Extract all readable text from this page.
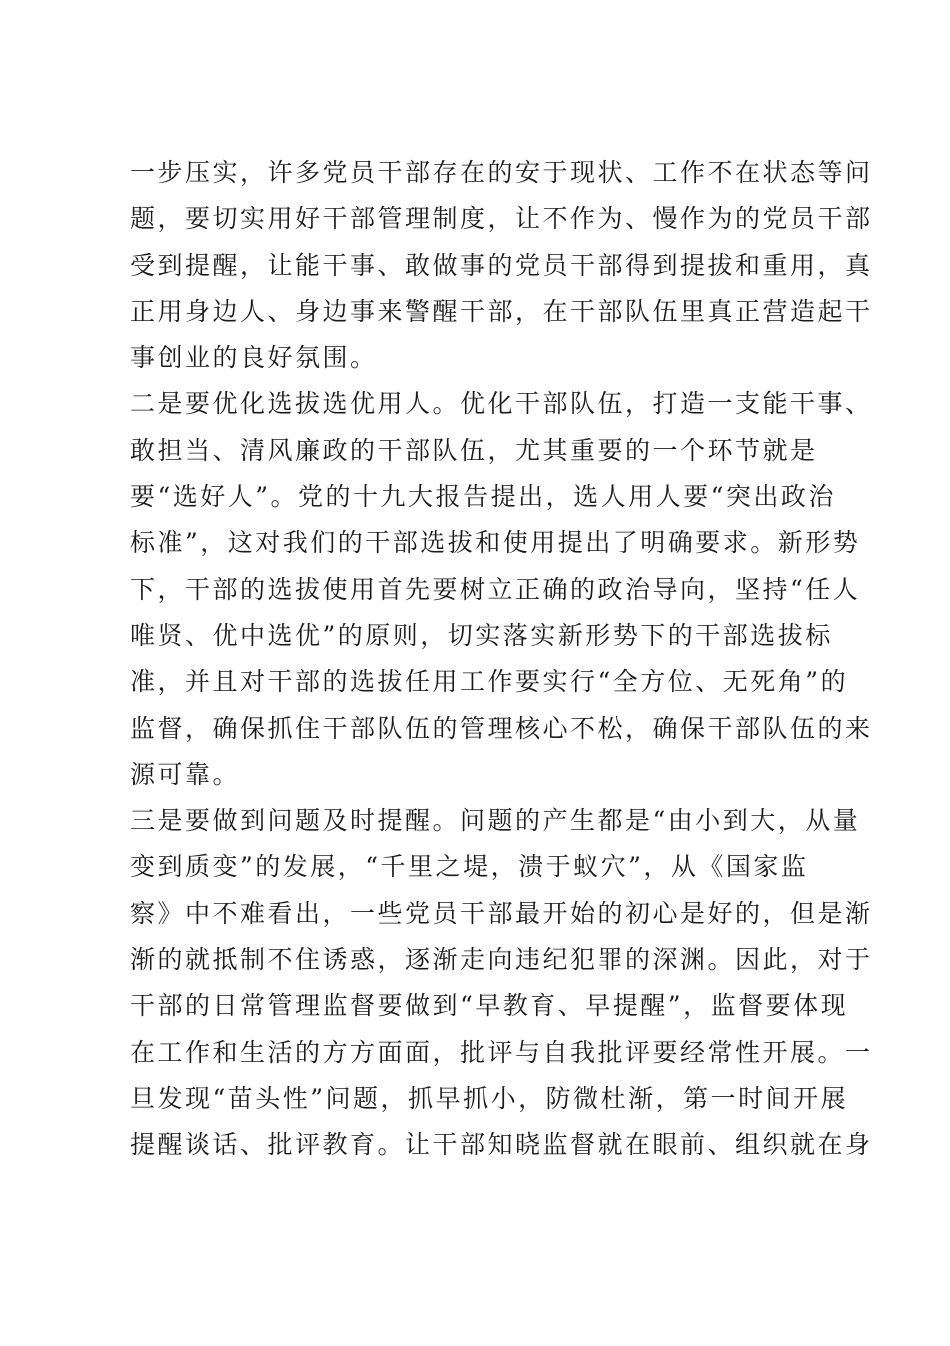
一步压实，许多党员干部存在的安于现状、工作不在状态等问
题，要切实用好干部管理制度，让不作为、慢作为的党员干部
受到提醒，让能干事、敢做事的党员干部得到提拔和重用，真
正用身边人、身边事来警醒干部，在干部队伍里真正营造起干
事创业的良好氛围。
二是要优化选拔选优用人。优化干部队伍，打造一支能干事、
敢担当、清风廉政的干部队伍，尤其重要的一个环节就是
要“选好人”。党的十九大报告提出，选人用人要“突出政治
标准”，这对我们的干部选拔和使用提出了明确要求。新形势
下，干部的选拔使用首先要树立正确的政治导向，坚持“任人
唯贤、优中选优”的原则，切实落实新形势下的干部选拔标
准，并且对干部的选拔任用工作要实行“全方位、无死角”的
监督，确保抓住干部队伍的管理核心不松，确保干部队伍的来
源可靠。
三是要做到问题及时提醒。问题的产生都是“由小到大，从量
变到质变”的发展，“千里之堤，溃于蚁穴”，从《国家监
察》中不难看出，一些党员干部最开始的初心是好的，但是渐
渐的就抵制不住诱惑，逐渐走向违纪犯罪的深渊。因此，对于
干部的日常管理监督要做到“早教育、早提醒”，监督要体现
在工作和生活的方方面面，批评与自我批评要经常性开展。一
旦发现“苗头性”问题，抓早抓小，防微杜渐，第一时间开展
提醒谈话、批评教育。让干部知晓监督就在眼前、组织就在身
